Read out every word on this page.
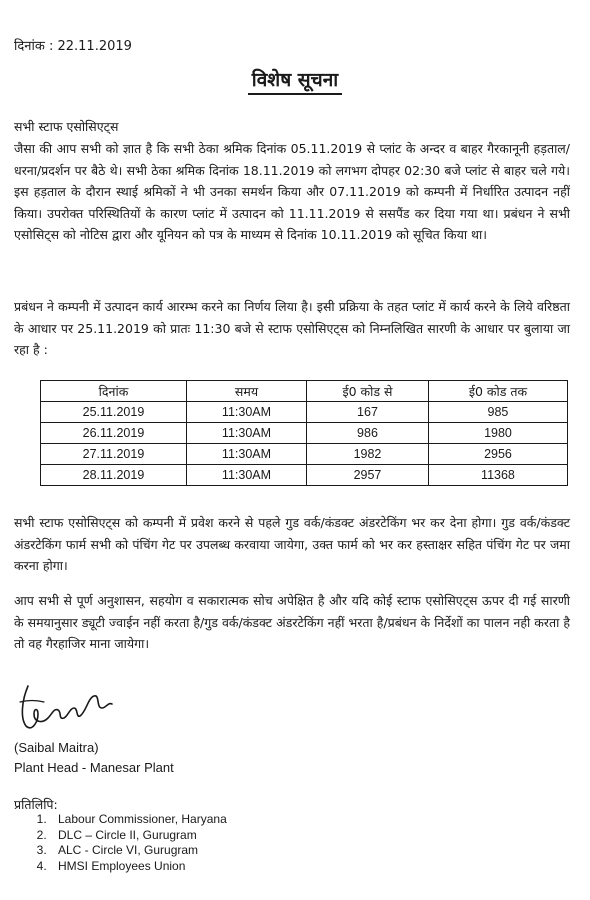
दिनांक : 22.11.2019
विशेष सूचना
सभी स्टाफ एसोसिएट्स

जैसा की आप सभी को ज्ञात है कि सभी ठेका श्रमिक दिनांक 05.11.2019 से प्लांट के अन्दर व बाहर गैरकानूनी हड़ताल/धरना/प्रदर्शन पर बैठे थे। सभी ठेका श्रमिक दिनांक 18.11.2019 को लगभग दोपहर 02:30 बजे प्लांट से बाहर चले गये। इस हड़ताल के दौरान स्थाई श्रमिकों ने भी उनका समर्थन किया और 07.11.2019 को कम्पनी में निर्धारित उत्पादन नहीं किया। उपरोक्त परिस्थितियों के कारण प्लांट में उत्पादन को 11.11.2019 से ससपैंड कर दिया गया था। प्रबंधन ने सभी एसोसिट्स को नोटिस द्वारा और यूनियन को पत्र के माध्यम से दिनांक 10.11.2019 को सूचित किया था।

प्रबंधन ने कम्पनी में उत्पादन कार्य आरम्भ करने का निर्णय लिया है। इसी प्रक्रिया के तहत प्लांट में कार्य करने के लिये वरिष्ठता के आधार पर 25.11.2019 को प्रातः 11:30 बजे से स्टाफ एसोसिएट्स को निम्नलिखित सारणी के आधार पर बुलाया जा रहा है :

दिनांक	समय	ई0 कोड से	ई0 कोड तक
25.11.2019	11:30AM	167	985
26.11.2019	11:30AM	986	1980
27.11.2019	11:30AM	1982	2956
28.11.2019	11:30AM	2957	11368

सभी स्टाफ एसोसिएट्स को कम्पनी में प्रवेश करने से पहले गुड वर्क/कंडक्ट अंडरटेकिंग भर कर देना होगा। गुड वर्क/कंडक्ट अंडरटेकिंग फार्म सभी को पंचिंग गेट पर उपलब्ध करवाया जायेगा, उक्त फार्म को भर कर हस्ताक्षर सहित पंचिंग गेट पर जमा करना होगा।

आप सभी से पूर्ण अनुशासन, सहयोग व सकारात्मक सोच अपेक्षित है और यदि कोई स्टाफ एसोसिएट्स ऊपर दी गई सारणी के समयानुसार ड्यूटी ज्वाईन नहीं करता है/गुड वर्क/कंडक्ट अंडरटेकिंग नहीं भरता है/प्रबंधन के निर्देशों का पालन नही करता है तो वह गैरहाजिर माना जायेगा।

(Saibal Maitra)
Plant Head - Manesar Plant
प्रतिलिपि:
1. Labour Commissioner, Haryana
2. DLC – Circle II, Gurugram
3. ALC - Circle VI, Gurugram
4. HMSI Employees Union
